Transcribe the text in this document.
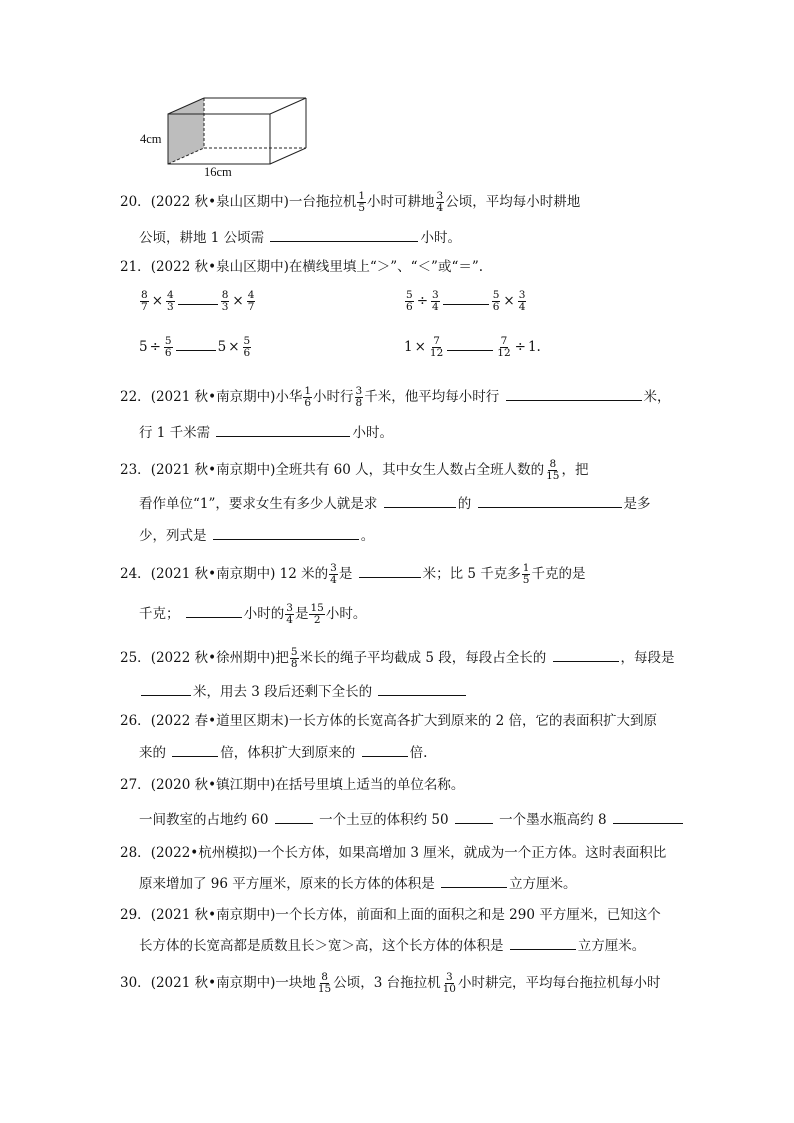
4cm
16cm
20．(2022 秋•泉山区期中)一台拖拉机 $\frac{1}{5}$ 小时可耕地 $\frac{3}{4}$ 公顷，平均每小时耕地
公顷，耕地 1 公顷需	小时。
21．(2022 秋•泉山区期中)在横线里填上“＞”、“＜”或“＝”.
$\frac{8}{7} \times \frac{4}{3}$	$\frac{8}{3} \times \frac{4}{7}$	$\frac{5}{6} \div \frac{3}{4}$	$\frac{5}{6} \times \frac{3}{4}$
$5 \div \frac{5}{6}$	$5 \times \frac{5}{6}$	$1 \times \frac{7}{12}$	$\frac{7}{12} \div 1$.
22．(2021 秋•南京期中)小华 $\frac{1}{6}$ 小时行 $\frac{3}{8}$ 千米，他平均每小时行	米，
行 1 千米需	小时。
23．(2021 秋•南京期中)全班共有 60 人，其中女生人数占全班人数的 $\frac{8}{15}$ ，把
看作单位“1”，要求女生有多少人就是求	的	是多
少，列式是	。
24．(2021 秋•南京期中) 12 米的 $\frac{3}{4}$ 是	米；比 5 千克多 $\frac{1}{5}$ 千克的是
千克；	小时的 $\frac{3}{4}$ 是 $\frac{15}{2}$ 小时。
25．(2022 秋•徐州期中)把 $\frac{5}{8}$ 米长的绳子平均截成 5 段，每段占全长的	，每段是
米，用去 3 段后还剩下全长的
26．(2022 春•道里区期末)一长方体的长宽高各扩大到原来的 2 倍，它的表面积扩大到原
来的	倍，体积扩大到原来的	倍.
27．(2020 秋•镇江期中)在括号里填上适当的单位名称。
一间教室的占地约 60	一个土豆的体积约 50	一个墨水瓶高约 8
28．(2022•杭州模拟)一个长方体，如果高增加 3 厘米，就成为一个正方体。这时表面积比
原来增加了 96 平方厘米，原来的长方体的体积是	立方厘米。
29．(2021 秋•南京期中)一个长方体，前面和上面的面积之和是 290 平方厘米，已知这个
长方体的长宽高都是质数且长＞宽＞高，这个长方体的体积是	立方厘米。
30．(2021 秋•南京期中)一块地 $\frac{8}{15}$ 公顷，3 台拖拉机 $\frac{3}{10}$ 小时耕完，平均每台拖拉机每小时
